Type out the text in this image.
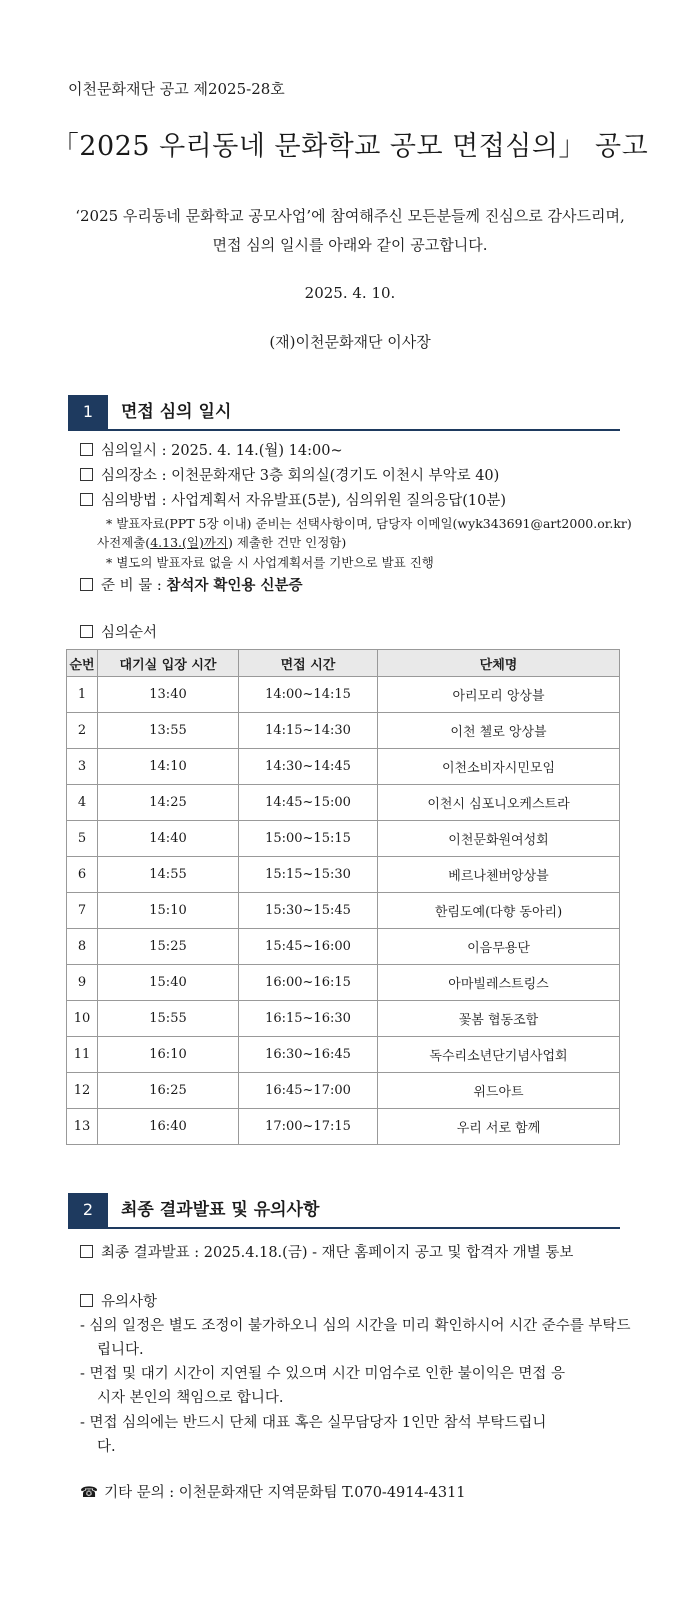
이천문화재단 공고 제2025-28호
「2025 우리동네 문화학교 공모 면접심의」 공고
‘2025 우리동네 문화학교 공모사업’에 참여해주신 모든분들께 진심으로 감사드리며,
면접 심의 일시를 아래와 같이 공고합니다.
2025. 4. 10.
(재)이천문화재단 이사장
1	면접 심의 일시
심의일시 : 2025. 4. 14.(월) 14:00~
심의장소 : 이천문화재단 3층 회의실(경기도 이천시 부악로 40)
심의방법 : 사업계획서 자유발표(5분), 심의위원 질의응답(10분)
* 발표자료(PPT 5장 이내) 준비는 선택사항이며, 담당자 이메일(wyk343691@art2000.or.kr)
사전제출(4.13.(일)까지) 제출한 건만 인정함)
* 별도의 발표자료 없을 시 사업계획서를 기반으로 발표 진행
준 비 물 : 참석자 확인용 신분증
심의순서
순번	대기실 입장 시간	면접 시간	단체명
1	13:40	14:00~14:15	아리모리 앙상블
2	13:55	14:15~14:30	이천 첼로 앙상블
3	14:10	14:30~14:45	이천소비자시민모임
4	14:25	14:45~15:00	이천시 심포니오케스트라
5	14:40	15:00~15:15	이천문화원여성회
6	14:55	15:15~15:30	베르나첸버앙상블
7	15:10	15:30~15:45	한림도예(다향 동아리)
8	15:25	15:45~16:00	이음무용단
9	15:40	16:00~16:15	아마빌레스트링스
10	15:55	16:15~16:30	꽃봄 협동조합
11	16:10	16:30~16:45	독수리소년단기념사업회
12	16:25	16:45~17:00	위드아트
13	16:40	17:00~17:15	우리 서로 함께
2	최종 결과발표 및 유의사항
최종 결과발표 : 2025.4.18.(금) - 재단 홈페이지 공고 및 합격자 개별 통보
유의사항
- 심의 일정은 별도 조정이 불가하오니 심의 시간을 미리 확인하시어 시간 준수를 부탁드
립니다.
- 면접 및 대기 시간이 지연될 수 있으며 시간 미엄수로 인한 불이익은 면접 응
시자 본인의 책임으로 합니다.
- 면접 심의에는 반드시 단체 대표 혹은 실무담당자 1인만 참석 부탁드립니
다.
☎ 기타 문의 : 이천문화재단 지역문화팀 T.070-4914-4311
